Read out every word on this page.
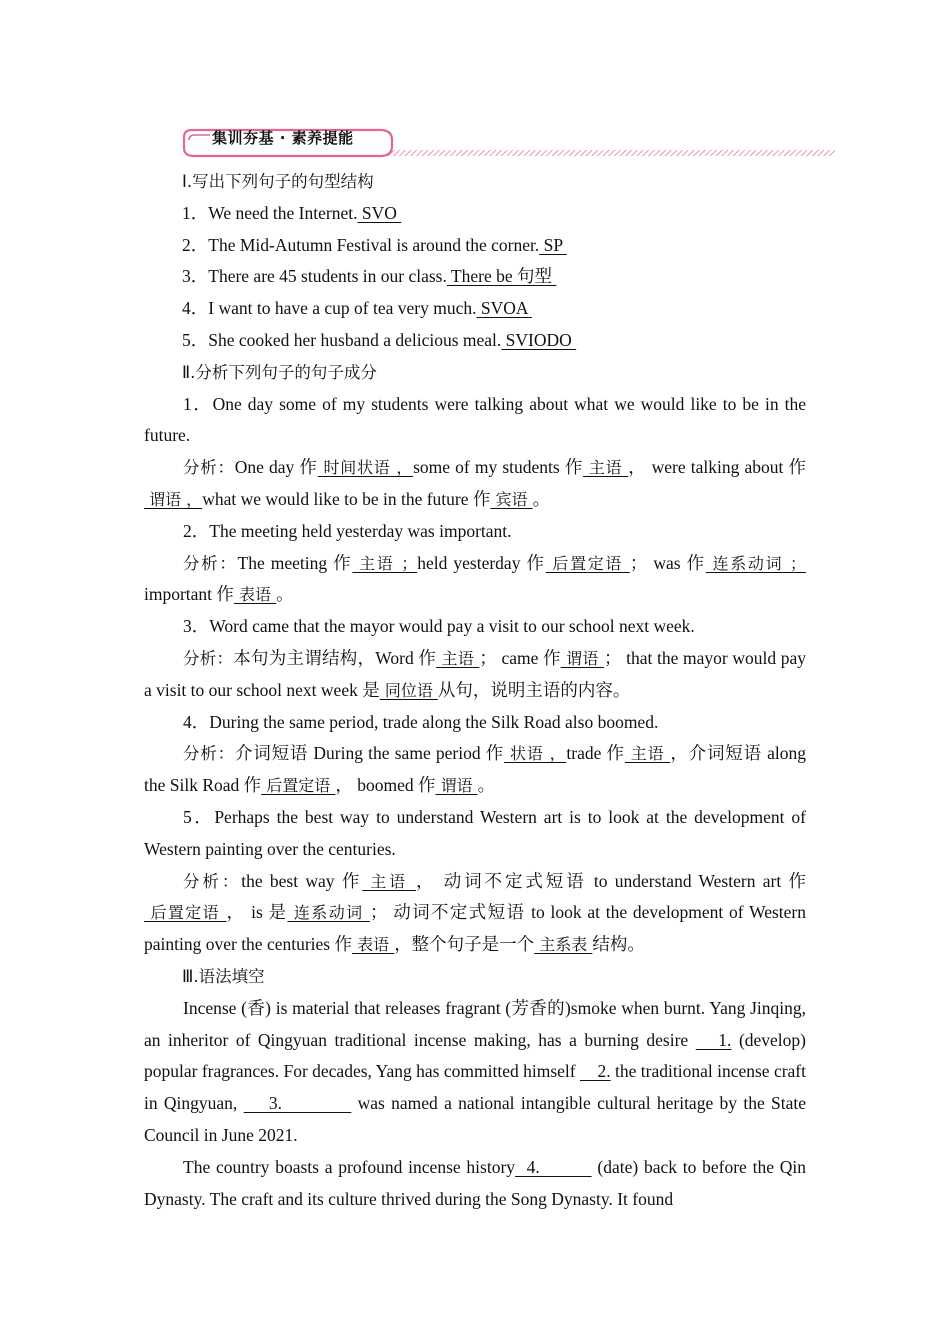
集训夯基 · 素养提能
Ⅰ.写出下列句子的句型结构
1．We need the Internet. SVO
2．The Mid-Autumn Festival is around the corner. SP
3．There are 45 students in our class. There be 句型
4．I want to have a cup of tea very much. SVOA
5．She cooked her husband a delicious meal. SVIODO
Ⅱ.分析下列句子的句子成分
1．One day some of my students were talking about what we would like to be in the future.
分析：One day 作 时间状语 ，some of my students 作 主语 ， were talking about 作 谓语 ，what we would like to be in the future 作 宾语 。
2．The meeting held yesterday was important.
分析：The meeting 作 主语 ；held yesterday 作 后置定语 ； was 作 连系动词 ； important 作 表语 。
3．Word came that the mayor would pay a visit to our school next week.
分析：本句为主谓结构，Word 作 主语 ； came 作 谓语 ； that the mayor would pay a visit to our school next week 是 同位语 从句，说明主语的内容。
4．During the same period, trade along the Silk Road also boomed.
分析：介词短语 During the same period 作 状语 ，trade 作 主语 ，介词短语 along the Silk Road 作 后置定语 ， boomed 作 谓语 。
5．Perhaps the best way to understand Western art is to look at the development of Western painting over the centuries.
分析：the best way 作 主语 ， 动词不定式短语 to understand Western art 作 后置定语 ， is 是 连系动词 ； 动词不定式短语 to look at the development of Western painting over the centuries 作 表语 ，整个句子是一个 主系表 结构。
Ⅲ.语法填空
Incense (香) is material that releases fragrant (芳香的)smoke when burnt. Yang Jinqing, an inheritor of Qingyuan traditional incense making, has a burning desire    1. (develop) popular fragrances. For decades, Yang has committed himself     2. the traditional incense craft in Qingyuan,     3.            was named a national intangible cultural heritage by the State Council in June 2021.
The country boasts a profound incense history  4.          (date) back to before the Qin Dynasty. The craft and its culture thrived during the Song Dynasty. It found
